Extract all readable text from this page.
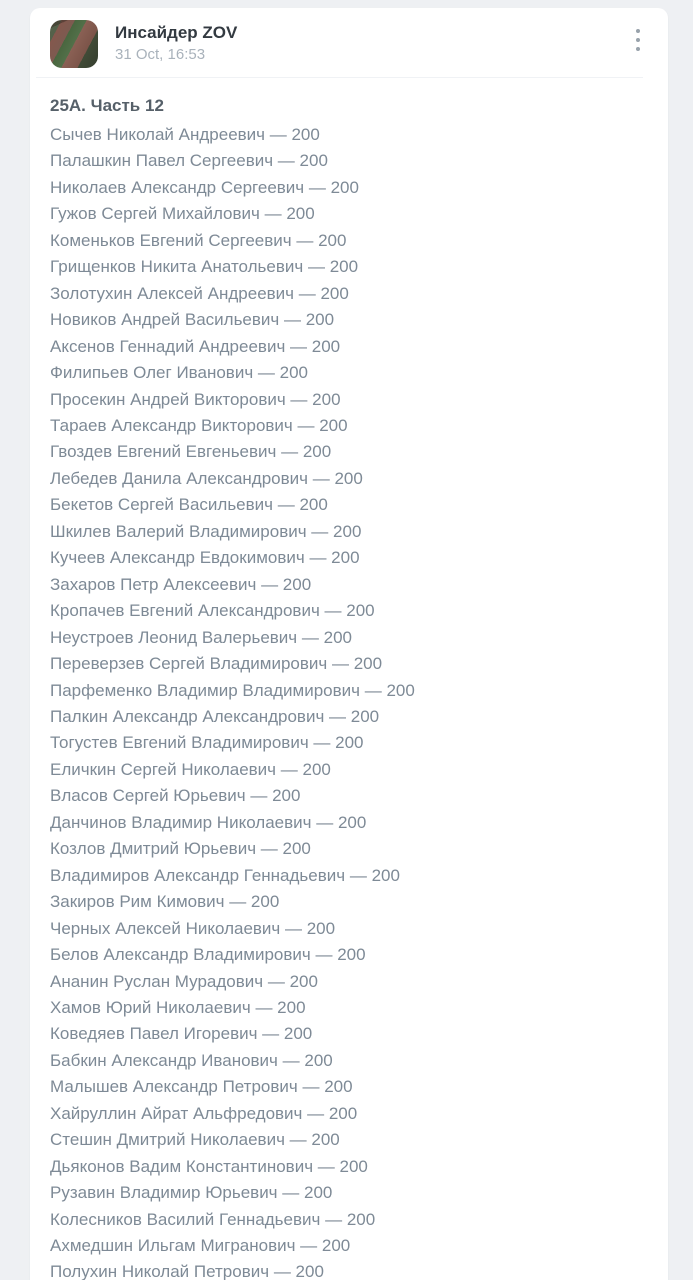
Инсайдер ZOV
31 Oct, 16:53
25А. Часть 12
Сычев Николай Андреевич — 200
Палашкин Павел Сергеевич — 200
Николаев Александр Сергеевич — 200
Гужов Сергей Михайлович — 200
Коменьков Евгений Сергеевич — 200
Грищенков Никита Анатольевич — 200
Золотухин Алексей Андреевич — 200
Новиков Андрей Васильевич — 200
Аксенов Геннадий Андреевич — 200
Филипьев Олег Иванович — 200
Просекин Андрей Викторович — 200
Тараев Александр Викторович — 200
Гвоздев Евгений Евгеньевич — 200
Лебедев Данила Александрович — 200
Бекетов Сергей Васильевич — 200
Шкилев Валерий Владимирович — 200
Кучеев Александр Евдокимович — 200
Захаров Петр Алексеевич — 200
Кропачев Евгений Александрович — 200
Неустроев Леонид Валерьевич — 200
Переверзев Сергей Владимирович — 200
Парфеменко Владимир Владимирович — 200
Палкин Александр Александрович — 200
Тогустев Евгений Владимирович — 200
Еличкин Сергей Николаевич — 200
Власов Сергей Юрьевич — 200
Данчинов Владимир Николаевич — 200
Козлов Дмитрий Юрьевич — 200
Владимиров Александр Геннадьевич — 200
Закиров Рим Кимович — 200
Черных Алексей Николаевич — 200
Белов Александр Владимирович — 200
Ананин Руслан Мурадович — 200
Хамов Юрий Николаевич — 200
Коведяев Павел Игоревич — 200
Бабкин Александр Иванович — 200
Малышев Александр Петрович — 200
Хайруллин Айрат Альфредович — 200
Стешин Дмитрий Николаевич — 200
Дьяконов Вадим Константинович — 200
Рузавин Владимир Юрьевич — 200
Колесников Василий Геннадьевич — 200
Ахмедшин Ильгам Мигранович — 200
Полухин Николай Петрович — 200
